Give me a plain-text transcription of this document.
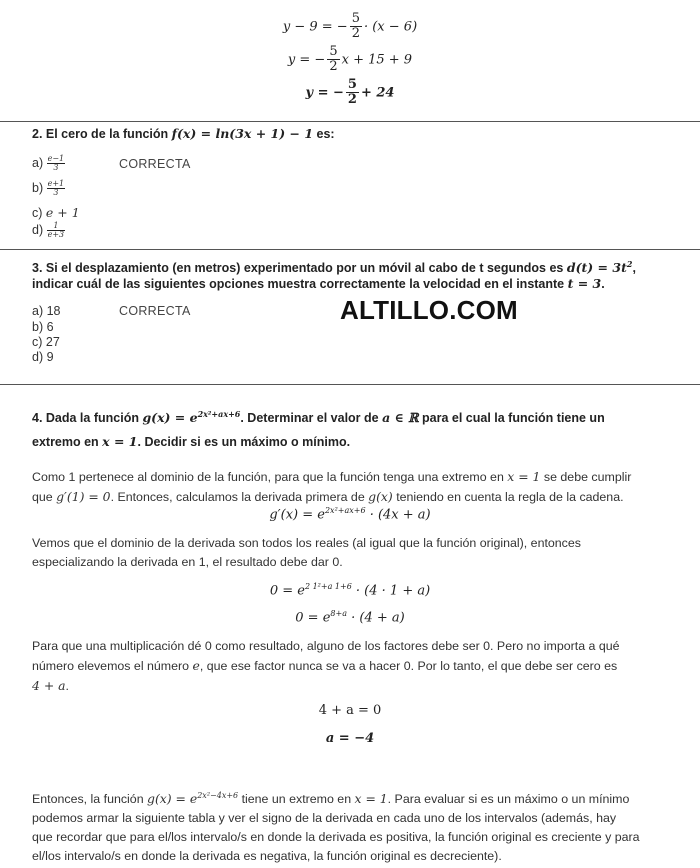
y − 9 = − $\frac{5}{2} \cdot (x - 6)$
y = − $\frac{5}{2}$ x + 15 + 9
y = − $\frac{5}{2} + 24$
2. El cero de la función f(x) = ln(3x + 1) − 1 es:
$a) \frac{e-1}{3}$	CORRECTA
$b) \frac{e+1}{3}$
c) e + 1
$d) \frac{1}{e+3}$
3. Si el desplazamiento (en metros) experimentado por un móvil al cabo de t segundos es $d(t) = 3t^2$,
indicar cuál de las siguientes opciones muestra correctamente la velocidad en el instante t = 3.
a) 18	CORRECTA
b) 6
c) 27
d) 9
ALTILLO.COM
4. Dada la función $g(x) = e^{2x^2+ax+6}$. Determinar el valor de a ∈ ℝ para el cual la función tiene un
extremo en x = 1. Decidir si es un máximo o mínimo.
Como 1 pertenece al dominio de la función, para que la función tenga una extremo en x = 1 se debe cumplir
que g′(1) = 0. Entonces, calculamos la derivada primera de g(x) teniendo en cuenta la regla de la cadena.
$g'(x) = e^{2x^2+ax+6} \cdot (4x + a)$
Vemos que el dominio de la derivada son todos los reales (al igual que la función original), entonces
especializando la derivada en 1, el resultado debe dar 0.
$0 = e^{2 1^2+a 1+6} \cdot (4 \cdot 1 + a)$
$0 = e^{8+a} \cdot (4 + a)$
Para que una multiplicación dé 0 como resultado, alguno de los factores debe ser 0. Pero no importa a qué
número elevemos el número e, que ese factor nunca se va a hacer 0. Por lo tanto, el que debe ser cero es
4 + a.
4 + a = 0
a = −4
Entonces, la función $g(x) = e^{2x^2-4x+6}$ tiene un extremo en x = 1. Para evaluar si es un máximo o un mínimo
podemos armar la siguiente tabla y ver el signo de la derivada en cada uno de los intervalos (además, hay
que recordar que para el/los intervalo/s en donde la derivada es positiva, la función original es creciente y para
el/los intervalo/s en donde la derivada es negativa, la función original es decreciente).
